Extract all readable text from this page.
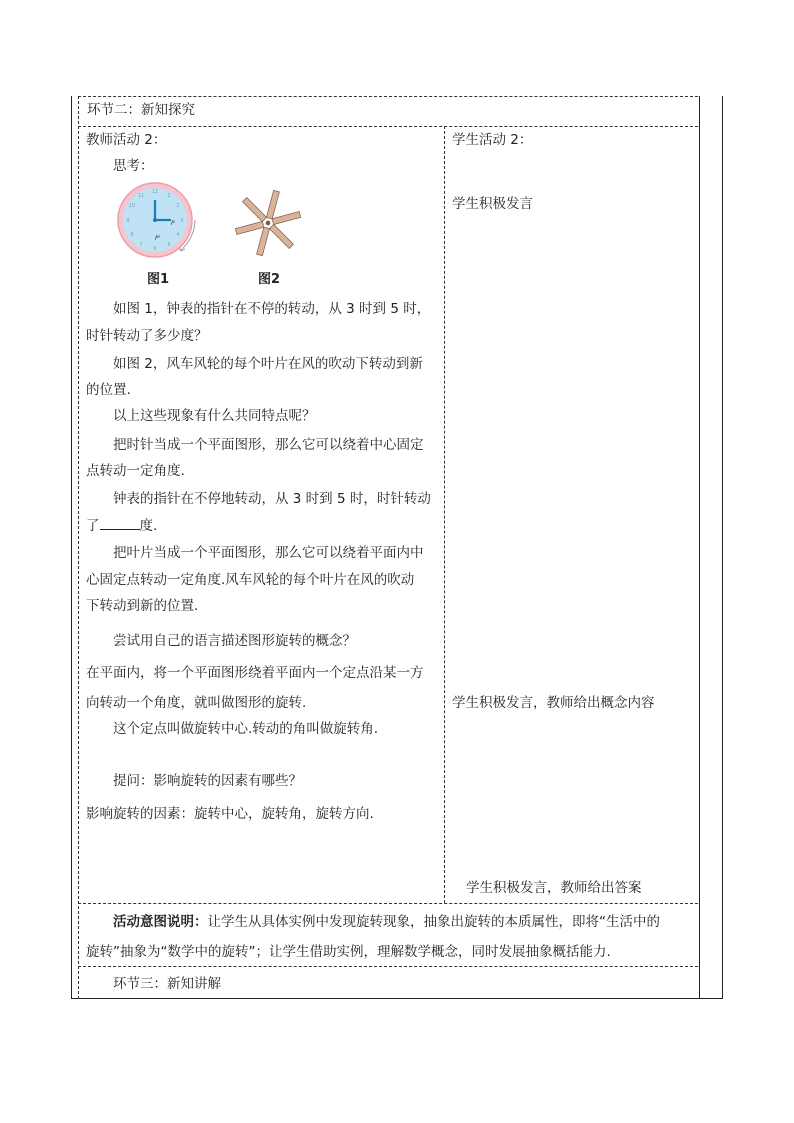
环节二：新知探究
教师活动 2：
思考：
12
1
2
3
4
5
6
7
8
9
10
11
P
P'
图1	图2
如图 1，钟表的指针在不停的转动，从 3 时到 5 时，
时针转动了多少度？
如图 2，风车风轮的每个叶片在风的吹动下转动到新
的位置.
以上这些现象有什么共同特点呢？
把时针当成一个平面图形，那么它可以绕着中心固定
点转动一定角度.
钟表的指针在不停地转动，从 3 时到 5 时，时针转动
了	度.
把叶片当成一个平面图形，那么它可以绕着平面内中
心固定点转动一定角度.风车风轮的每个叶片在风的吹动
下转动到新的位置.
尝试用自己的语言描述图形旋转的概念？
在平面内，将一个平面图形绕着平面内一个定点沿某一方
向转动一个角度，就叫做图形的旋转.
这个定点叫做旋转中心.转动的角叫做旋转角.
提问：影响旋转的因素有哪些？
影响旋转的因素：旋转中心，旋转角，旋转方向.
学生活动 2：
学生积极发言
学生积极发言，教师给出概念内容
学生积极发言，教师给出答案
活动意图说明：让学生从具体实例中发现旋转现象，抽象出旋转的本质属性，即将“生活中的
旋转”抽象为“数学中的旋转”；让学生借助实例，理解数学概念，同时发展抽象概括能力.
环节三：新知讲解
